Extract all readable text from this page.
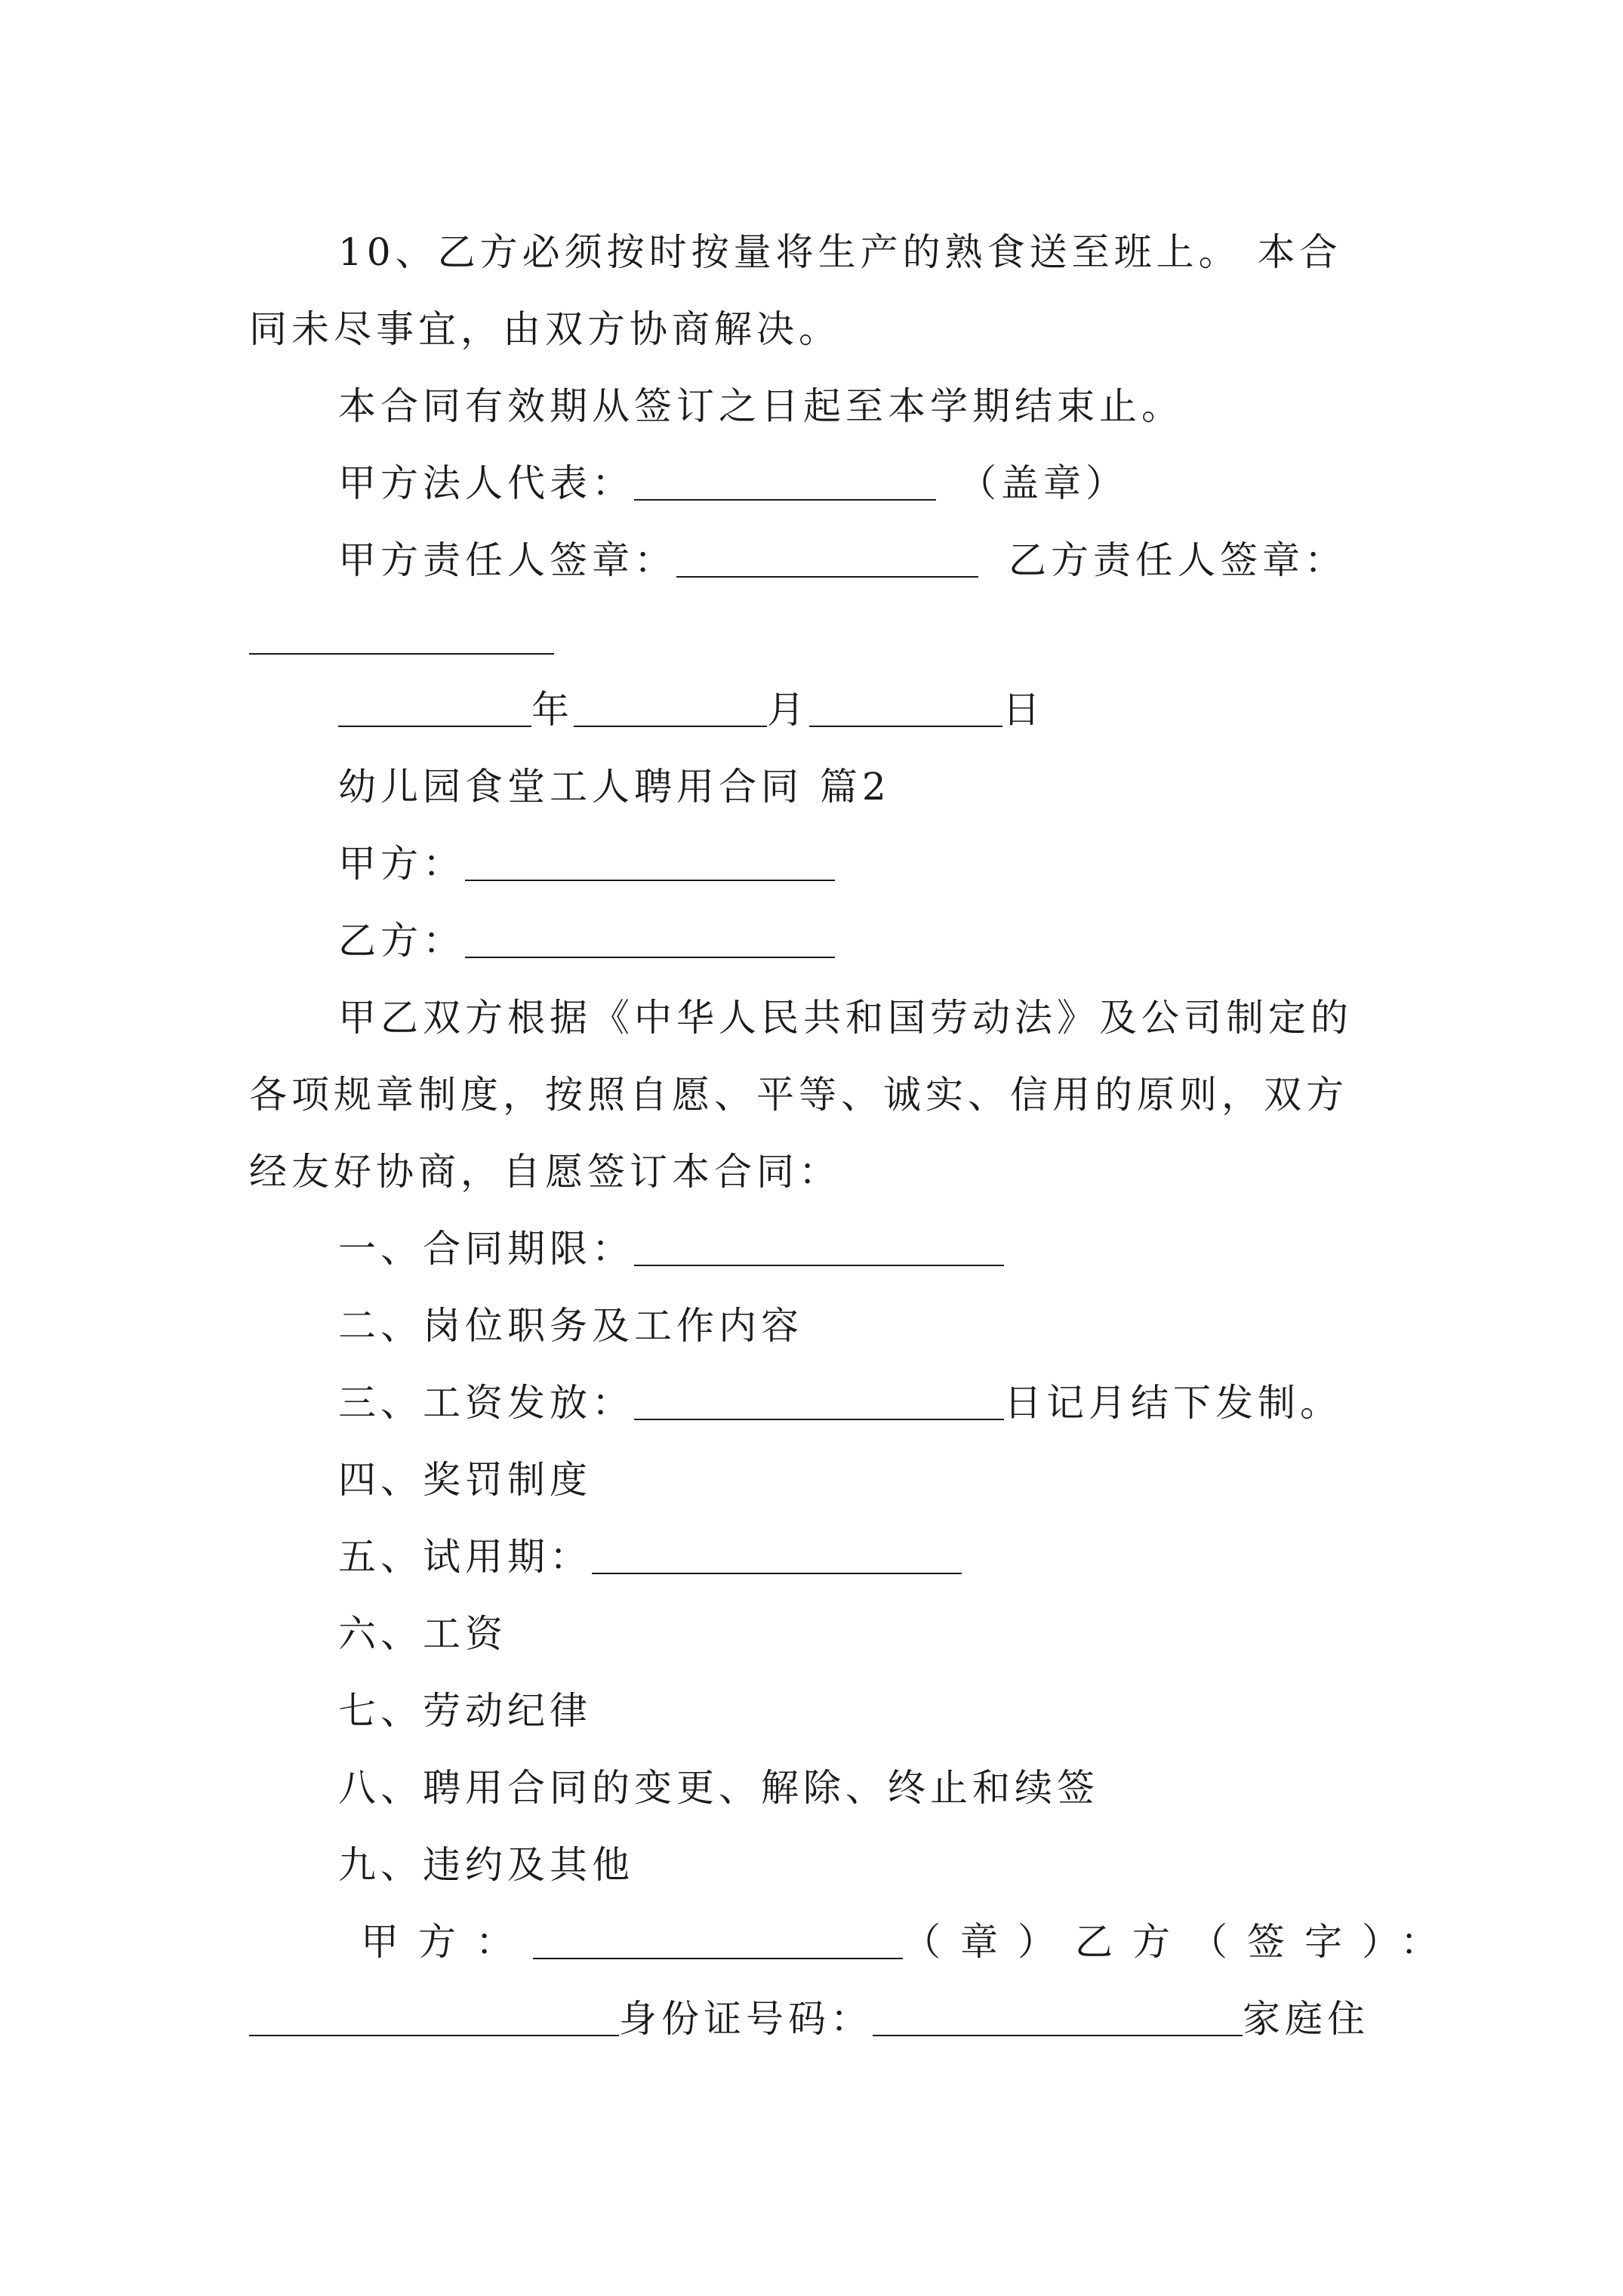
10、乙方必须按时按量将生产的熟食送至班上。 本合
同未尽事宜，由双方协商解决。
本合同有效期从签订之日起至本学期结束止。
甲方法人代表：	（盖章）
甲方责任人签章：	乙方责任人签章：
年	月	日
幼儿园食堂工人聘用合同 篇2
甲方：
乙方：
甲乙双方根据《中华人民共和国劳动法》及公司制定的
各项规章制度，按照自愿、平等、诚实、信用的原则，双方
经友好协商，自愿签订本合同：
一、合同期限：
二、岗位职务及工作内容
三、工资发放：	日记月结下发制。
四、奖罚制度
五、试用期：
六、工资
七、劳动纪律
八、聘用合同的变更、解除、终止和续签
九、违约及其他
甲方：	（章）乙方（签字）：
身份证号码：	家庭住
